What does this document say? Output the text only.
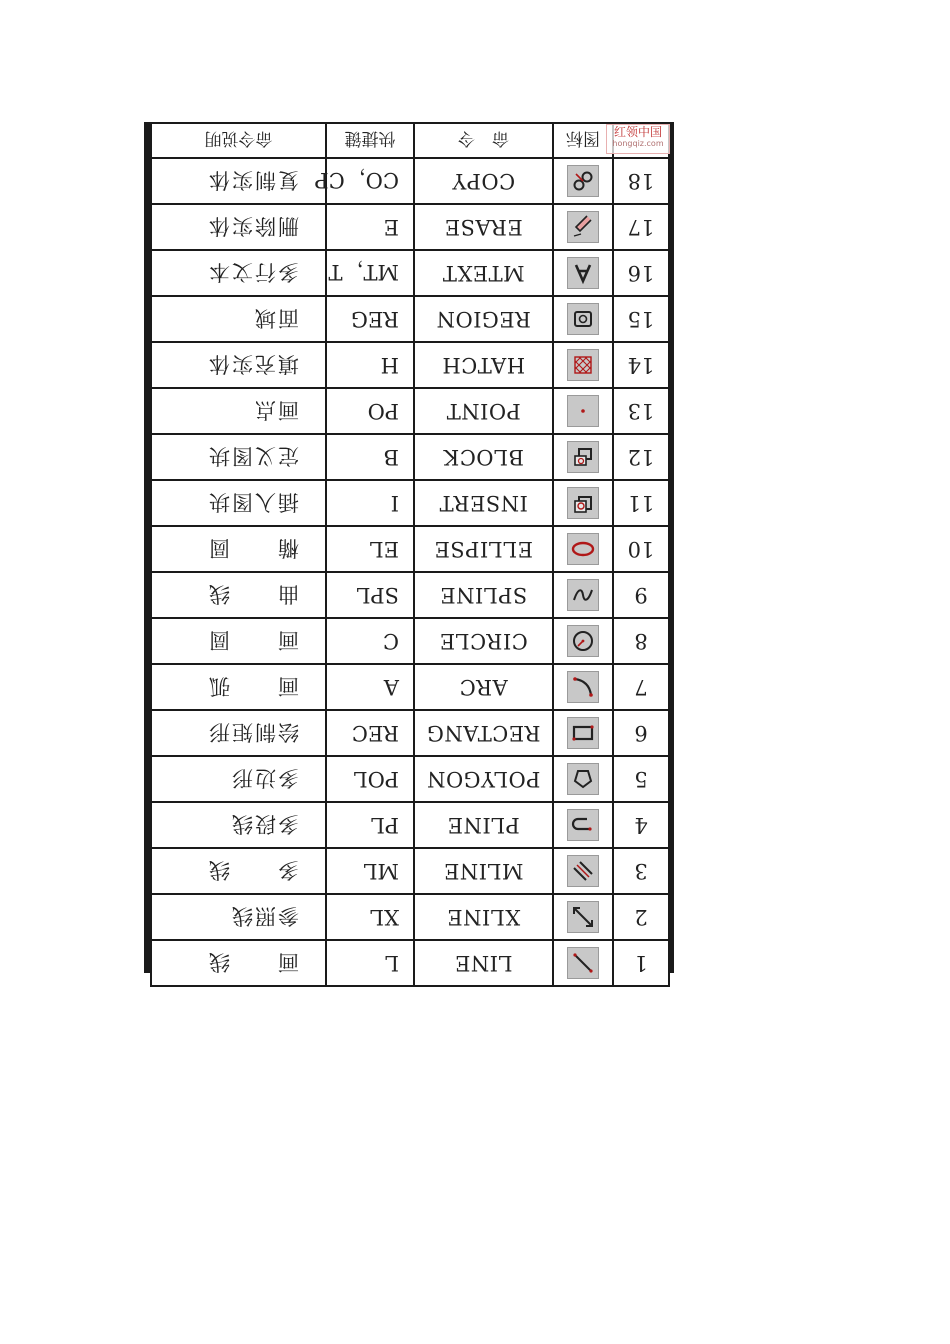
1		LINE	L	画　　线
2		XLINE	XL	参照线
3		MLINE	ML	多　　线
4		PLINE	PL	多段线
5		POLYGON	POL	多边形
6		RECTANG	REC	绘制矩形
7		ARC	A	画　　弧
8		CIRCLE	C	画　　圆
9		SPLINE	SPL	曲　　线
10		ELLIPSE	EL	椭　　圆
11		INSERT	I	插入图块
12		BLOCK	B	定义图块
13		POINT	PO	画点
14		HATCH	H	填充实体
15		REGION	REG	面域
16		MTEXT	MT，T	多行文本
17		ERASE	E	删除实体
18		COPY	CO，CP	复制实体
	图标	命　令	快捷键	命令说明	红领中国
hongqiz.com
